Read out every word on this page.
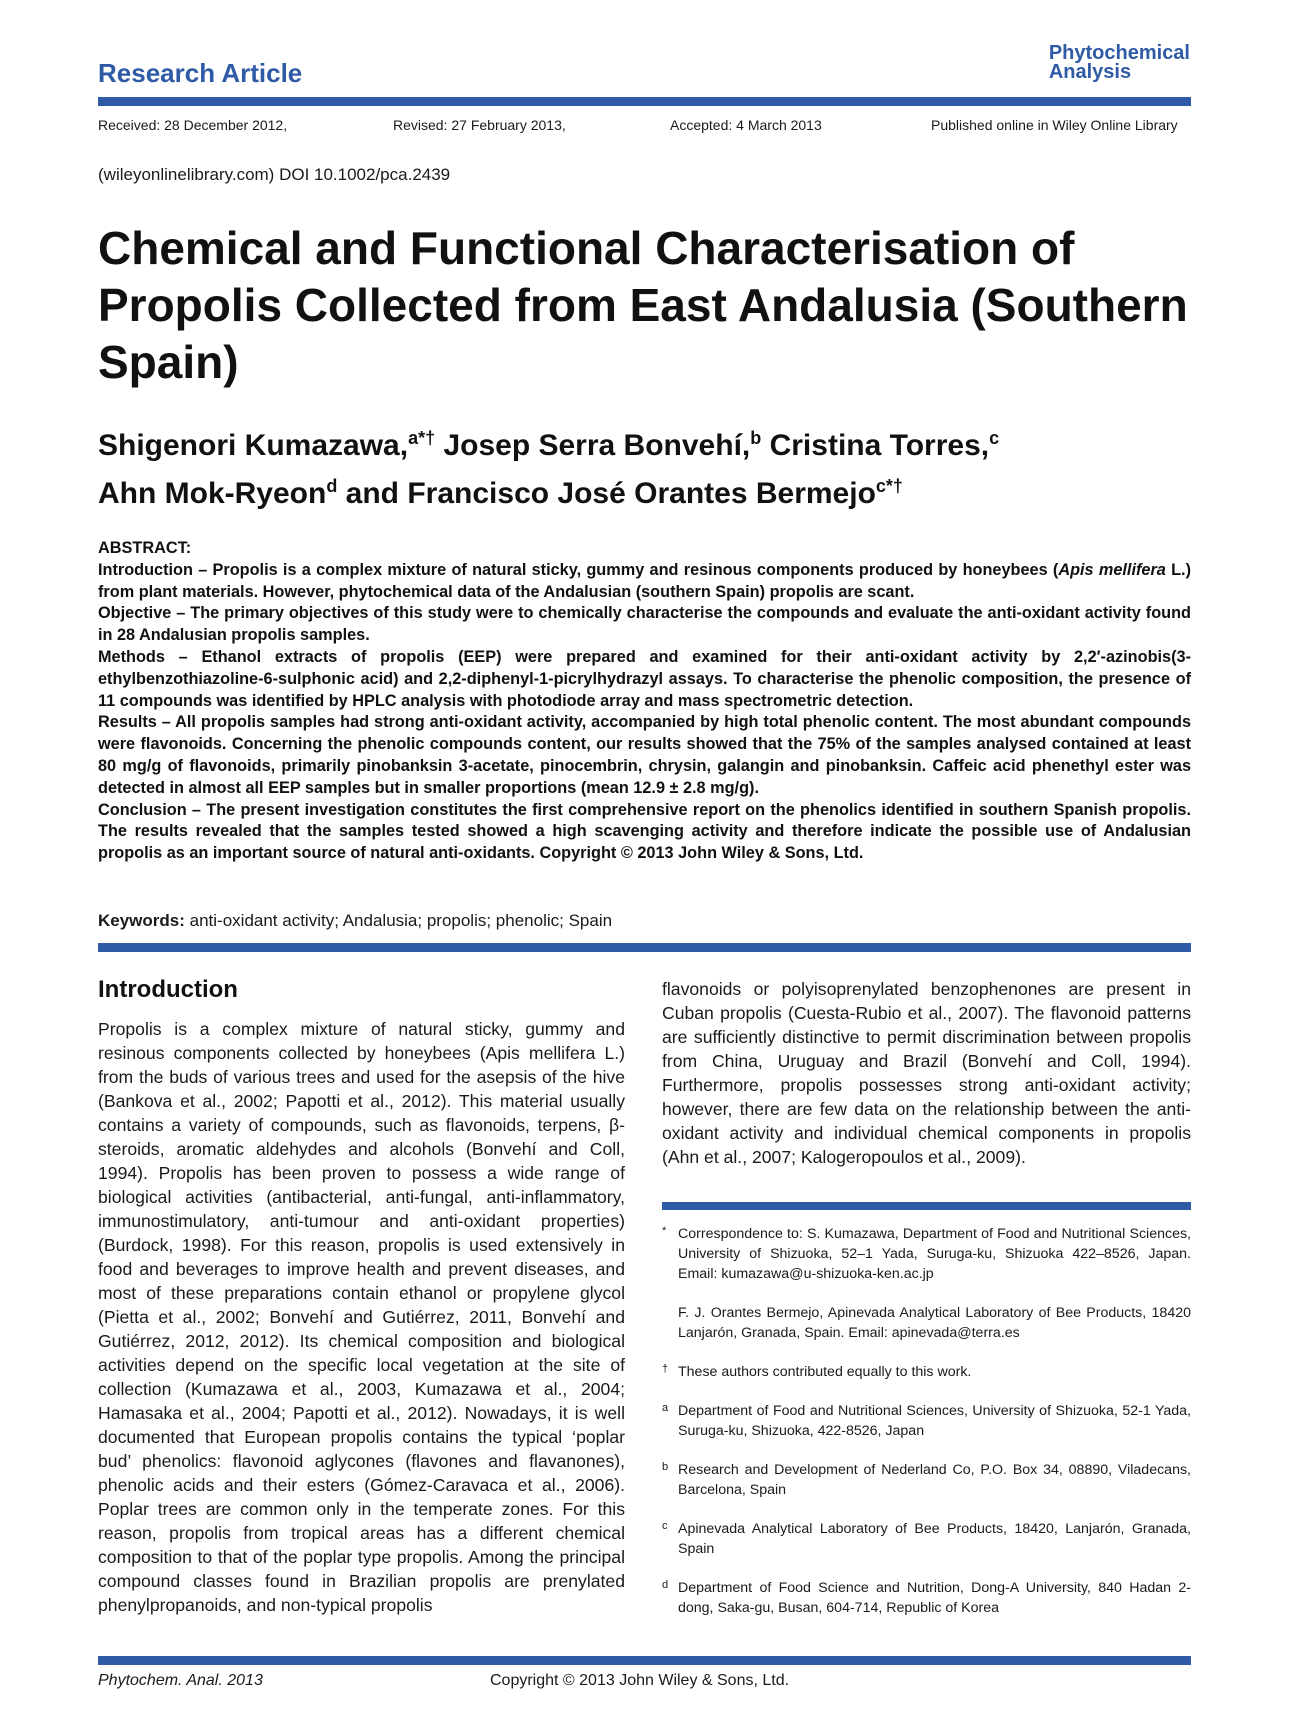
Research Article
Phytochemical
Analysis
Received: 28 December 2012,	Revised: 27 February 2013,	Accepted: 4 March 2013	Published online in Wiley Online Library
(wileyonlinelibrary.com) DOI 10.1002/pca.2439
Chemical and Functional Characterisation of Propolis Collected from East Andalusia (Southern Spain)
Shigenori Kumazawa,$^{a*\dagger}$ Josep Serra Bonvehí,$^b$ Cristina Torres,$^c$
Ahn Mok-Ryeon$^d$ and Francisco José Orantes Bermejo$^{c*\dagger}$

ABSTRACT:

Introduction – Propolis is a complex mixture of natural sticky, gummy and resinous components produced by honeybees (Apis mellifera L.) from plant materials. However, phytochemical data of the Andalusian (southern Spain) propolis are scant.

Objective – The primary objectives of this study were to chemically characterise the compounds and evaluate the anti-oxidant activity found in 28 Andalusian propolis samples.

Methods – Ethanol extracts of propolis (EEP) were prepared and examined for their anti-oxidant activity by 2,2′-azinobis(3-ethylbenzothiazoline-6-sulphonic acid) and 2,2-diphenyl-1-picrylhydrazyl assays. To characterise the phenolic composition, the presence of 11 compounds was identified by HPLC analysis with photodiode array and mass spectrometric detection.

Results – All propolis samples had strong anti-oxidant activity, accompanied by high total phenolic content. The most abundant compounds were flavonoids. Concerning the phenolic compounds content, our results showed that the 75% of the samples analysed contained at least 80 mg/g of flavonoids, primarily pinobanksin 3-acetate, pinocembrin, chrysin, galangin and pinobanksin. Caffeic acid phenethyl ester was detected in almost all EEP samples but in smaller proportions (mean 12.9 ± 2.8 mg/g).

Conclusion – The present investigation constitutes the first comprehensive report on the phenolics identified in southern Spanish propolis. The results revealed that the samples tested showed a high scavenging activity and therefore indicate the possible use of Andalusian propolis as an important source of natural anti-oxidants. Copyright © 2013 John Wiley & Sons, Ltd.

Keywords: anti-oxidant activity; Andalusia; propolis; phenolic; Spain
Introduction
Propolis is a complex mixture of natural sticky, gummy and resinous components collected by honeybees (Apis mellifera L.) from the buds of various trees and used for the asepsis of the hive (Bankova et al., 2002; Papotti et al., 2012). This material usually contains a variety of compounds, such as flavonoids, terpens, β-steroids, aromatic aldehydes and alcohols (Bonvehí and Coll, 1994). Propolis has been proven to possess a wide range of biological activities (antibacterial, anti-fungal, anti-inflammatory, immunostimulatory, anti-tumour and anti-oxidant properties) (Burdock, 1998). For this reason, propolis is used extensively in food and beverages to improve health and prevent diseases, and most of these preparations contain ethanol or propylene glycol (Pietta et al., 2002; Bonvehí and Gutiérrez, 2011, Bonvehí and Gutiérrez, 2012, 2012). Its chemical composition and biological activities depend on the specific local vegetation at the site of collection (Kumazawa et al., 2003, Kumazawa et al., 2004; Hamasaka et al., 2004; Papotti et al., 2012). Nowadays, it is well documented that European propolis contains the typical ‘poplar bud’ phenolics: flavonoid aglycones (flavones and flavanones), phenolic acids and their esters (Gómez-Caravaca et al., 2006). Poplar trees are common only in the temperate zones. For this reason, propolis from tropical areas has a different chemical composition to that of the poplar type propolis. Among the principal compound classes found in Brazilian propolis are prenylated phenylpropanoids, and non-typical propolis
flavonoids or polyisoprenylated benzophenones are present in Cuban propolis (Cuesta-Rubio et al., 2007). The flavonoid patterns are sufficiently distinctive to permit discrimination between propolis from China, Uruguay and Brazil (Bonvehí and Coll, 1994). Furthermore, propolis possesses strong anti-oxidant activity; however, there are few data on the relationship between the anti-oxidant activity and individual chemical components in propolis (Ahn et al., 2007; Kalogeropoulos et al., 2009).
* Correspondence to: S. Kumazawa, Department of Food and Nutritional Sciences, University of Shizuoka, 52–1 Yada, Suruga-ku, Shizuoka 422–8526, Japan. Email: kumazawa@u-shizuoka-ken.ac.jp
F. J. Orantes Bermejo, Apinevada Analytical Laboratory of Bee Products, 18420 Lanjarón, Granada, Spain. Email: apinevada@terra.es
† These authors contributed equally to this work.
a Department of Food and Nutritional Sciences, University of Shizuoka, 52-1 Yada, Suruga-ku, Shizuoka, 422-8526, Japan
b Research and Development of Nederland Co, P.O. Box 34, 08890, Viladecans, Barcelona, Spain
c Apinevada Analytical Laboratory of Bee Products, 18420, Lanjarón, Granada, Spain
d Department of Food Science and Nutrition, Dong-A University, 840 Hadan 2-dong, Saka-gu, Busan, 604-714, Republic of Korea
Phytochem. Anal. 2013	Copyright © 2013 John Wiley & Sons, Ltd.
